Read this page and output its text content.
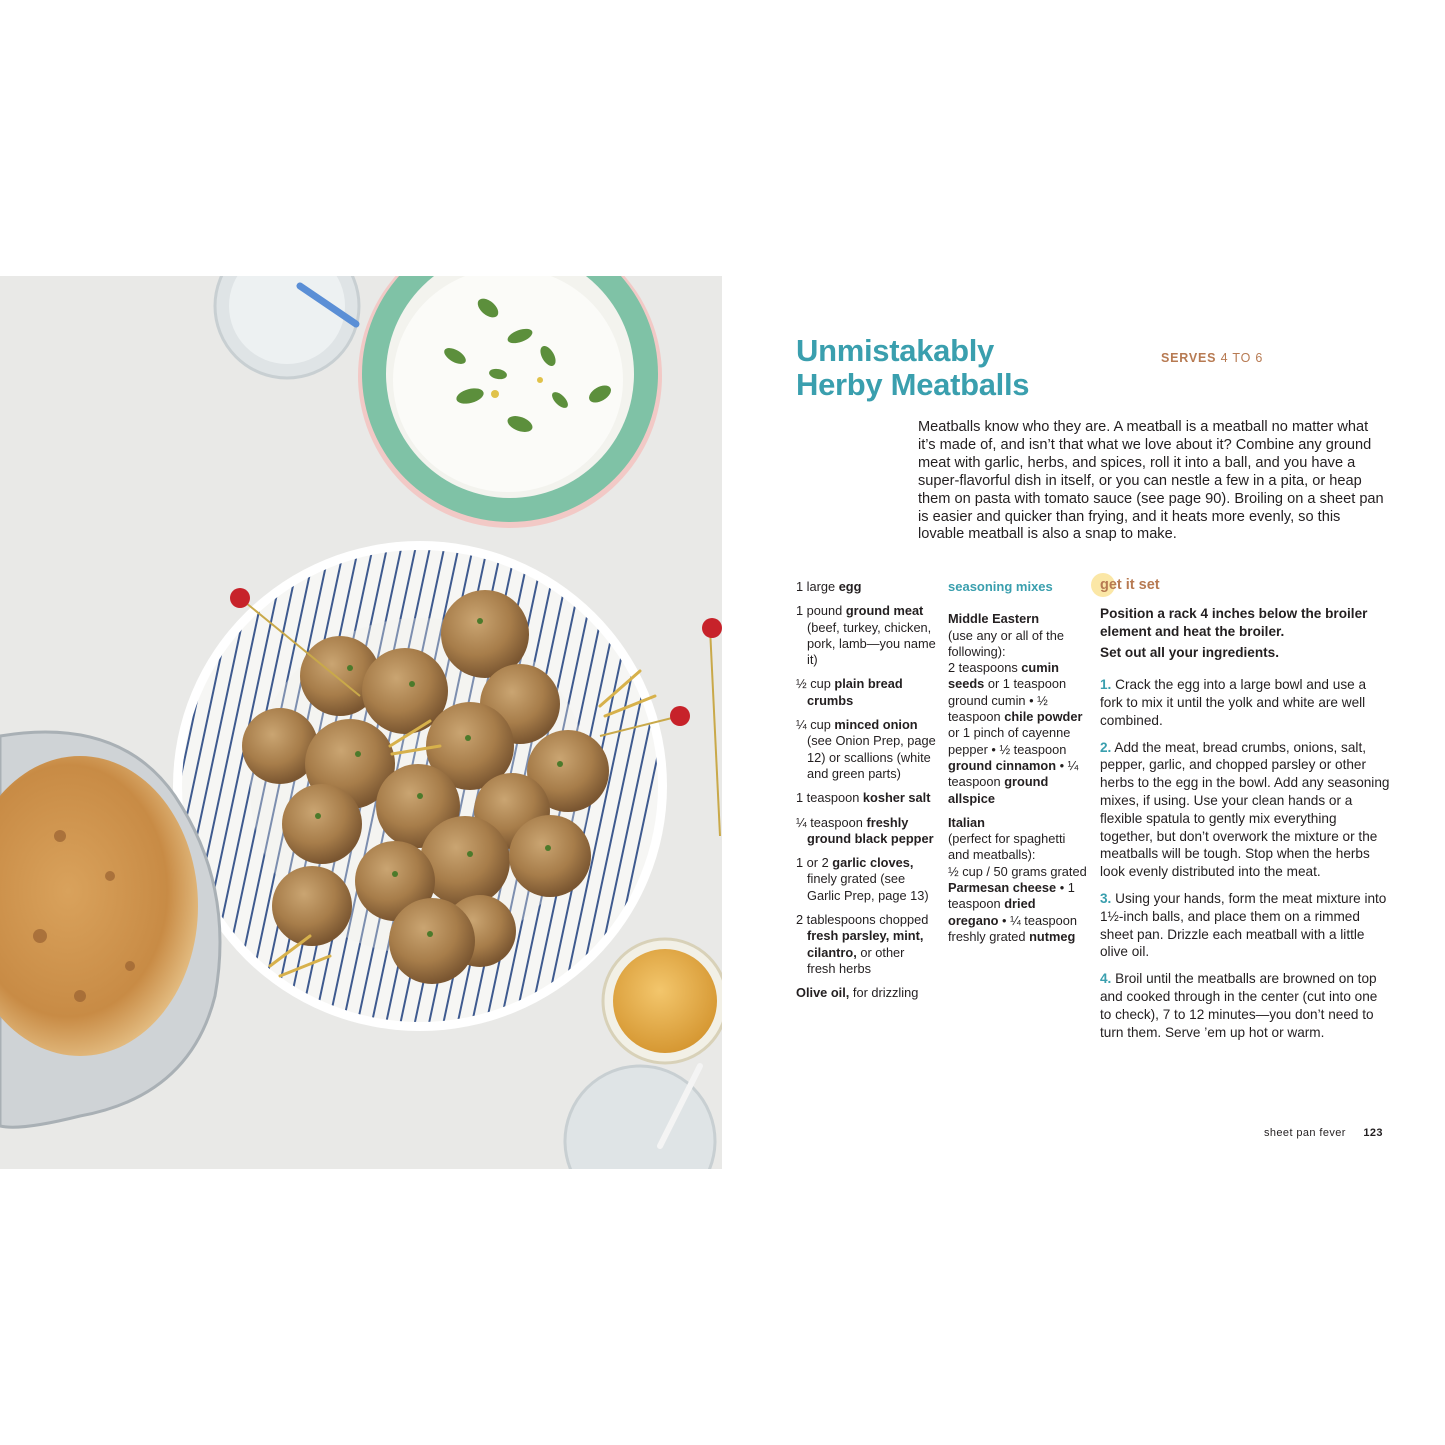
Unmistakably
Herby Meatballs
SERVES 4 TO 6

Meatballs know who they are. A meatball is a meatball no matter what it’s made of, and isn’t that what we love about it? Combine any ground meat with garlic, herbs, and spices, roll it into a ball, and you have a super-flavorful dish in itself, or you can nestle a few in a pita, or heap them on pasta with tomato sauce (see page 90). Broiling on a sheet pan is easier and quicker than frying, and it heats more evenly, so this lovable meatball is also a snap to make.

1 large egg
1 pound ground meat (beef, turkey, chicken, pork, lamb—you name it)
½ cup plain bread crumbs
¼ cup minced onion (see Onion Prep, page 12) or scallions (white and green parts)
1 teaspoon kosher salt
¼ teaspoon freshly ground black pepper
1 or 2 garlic cloves, finely grated (see Garlic Prep, page 13)
2 tablespoons chopped fresh parsley, mint, cilantro, or other fresh herbs
Olive oil, for drizzling
seasoning mixes
Middle Eastern
(use any or all of the following):
2 teaspoons cumin seeds or 1 teaspoon ground cumin • ½ teaspoon chile powder or 1 pinch of cayenne pepper • ½ teaspoon ground cinnamon • ¼ teaspoon ground allspice
Italian
(perfect for spaghetti and meatballs):
½ cup / 50 grams grated Parmesan cheese • 1 teaspoon dried oregano • ¼ teaspoon freshly grated nutmeg
get it set

Position a rack 4 inches below the broiler element and heat the broiler.

Set out all your ingredients.

1. Crack the egg into a large bowl and use a fork to mix it until the yolk and white are well combined.

2. Add the meat, bread crumbs, onions, salt, pepper, garlic, and chopped parsley or other herbs to the egg in the bowl. Add any seasoning mixes, if using. Use your clean hands or a flexible spatula to gently mix everything together, but don’t overwork the mixture or the meatballs will be tough. Stop when the herbs look evenly distributed into the meat.

3. Using your hands, form the meat mixture into 1½-inch balls, and place them on a rimmed sheet pan. Drizzle each meatball with a little olive oil.

4. Broil until the meatballs are browned on top and cooked through in the center (cut into one to check), 7 to 12 minutes—you don’t need to turn them. Serve ’em up hot or warm.

sheet pan fever 123
